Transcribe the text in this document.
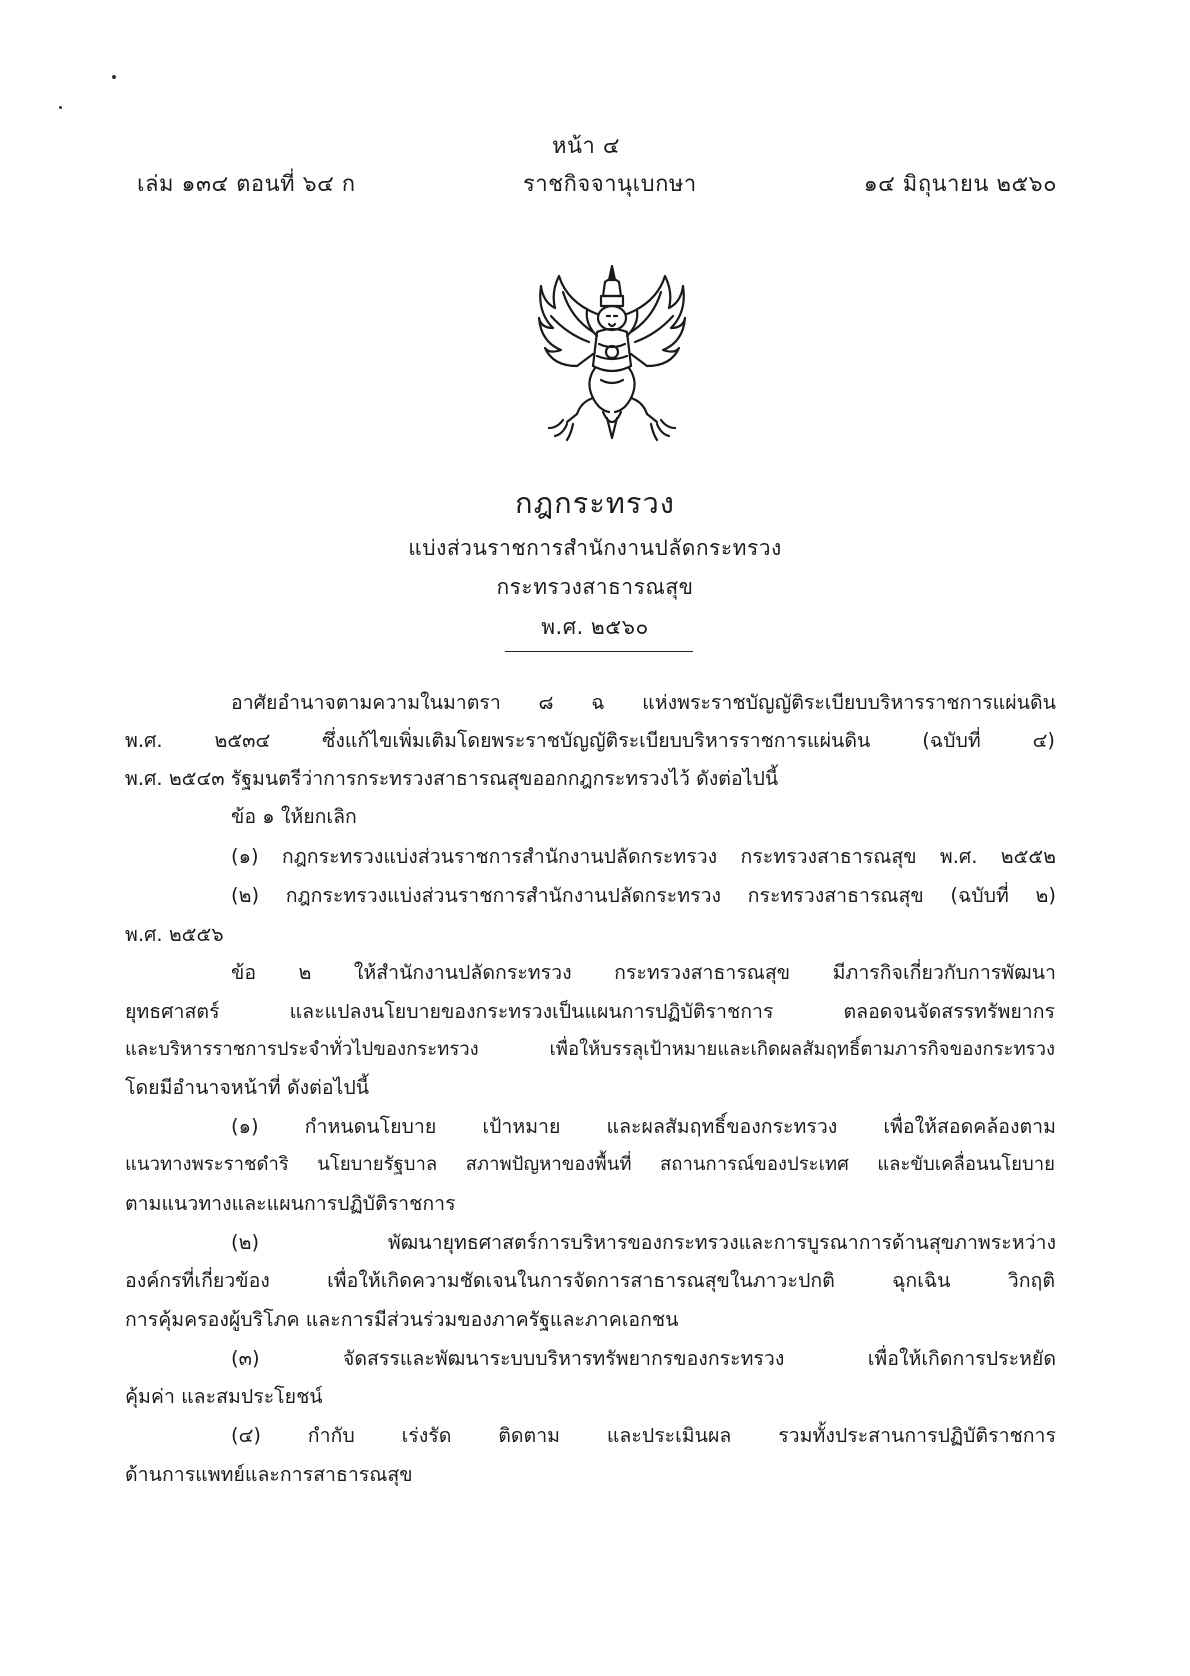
หน้า ๔
เล่ม ๑๓๔ ตอนที่ ๖๔ ก	ราชกิจจานุเบกษา	๑๔ มิถุนายน ๒๕๖๐
กฎกระทรวง
แบ่งส่วนราชการสำนักงานปลัดกระทรวง
กระทรวงสาธารณสุข
พ.ศ. ๒๕๖๐
อาศัยอำนาจตามความในมาตรา ๘ ฉ แห่งพระราชบัญญัติระเบียบบริหารราชการแผ่นดิน
พ.ศ. ๒๕๓๔ ซึ่งแก้ไขเพิ่มเติมโดยพระราชบัญญัติระเบียบบริหารราชการแผ่นดิน (ฉบับที่ ๔)
พ.ศ. ๒๕๔๓ รัฐมนตรีว่าการกระทรวงสาธารณสุขออกกฎกระทรวงไว้ ดังต่อไปนี้
ข้อ ๑ ให้ยกเลิก
(๑) กฎกระทรวงแบ่งส่วนราชการสำนักงานปลัดกระทรวง กระทรวงสาธารณสุข พ.ศ. ๒๕๕๒
(๒) กฎกระทรวงแบ่งส่วนราชการสำนักงานปลัดกระทรวง กระทรวงสาธารณสุข (ฉบับที่ ๒)
พ.ศ. ๒๕๕๖
ข้อ ๒ ให้สำนักงานปลัดกระทรวง กระทรวงสาธารณสุข มีภารกิจเกี่ยวกับการพัฒนา
ยุทธศาสตร์ และแปลงนโยบายของกระทรวงเป็นแผนการปฏิบัติราชการ ตลอดจนจัดสรรทรัพยากร
และบริหารราชการประจำทั่วไปของกระทรวง เพื่อให้บรรลุเป้าหมายและเกิดผลสัมฤทธิ์ตามภารกิจของกระทรวง
โดยมีอำนาจหน้าที่ ดังต่อไปนี้
(๑) กำหนดนโยบาย เป้าหมาย และผลสัมฤทธิ์ของกระทรวง เพื่อให้สอดคล้องตาม
แนวทางพระราชดำริ นโยบายรัฐบาล สภาพปัญหาของพื้นที่ สถานการณ์ของประเทศ และขับเคลื่อนนโยบาย
ตามแนวทางและแผนการปฏิบัติราชการ
(๒) พัฒนายุทธศาสตร์การบริหารของกระทรวงและการบูรณาการด้านสุขภาพระหว่าง
องค์กรที่เกี่ยวข้อง เพื่อให้เกิดความชัดเจนในการจัดการสาธารณสุขในภาวะปกติ ฉุกเฉิน วิกฤติ
การคุ้มครองผู้บริโภค และการมีส่วนร่วมของภาครัฐและภาคเอกชน
(๓) จัดสรรและพัฒนาระบบบริหารทรัพยากรของกระทรวง เพื่อให้เกิดการประหยัด
คุ้มค่า และสมประโยชน์
(๔) กำกับ เร่งรัด ติดตาม และประเมินผล รวมทั้งประสานการปฏิบัติราชการ
ด้านการแพทย์และการสาธารณสุข
